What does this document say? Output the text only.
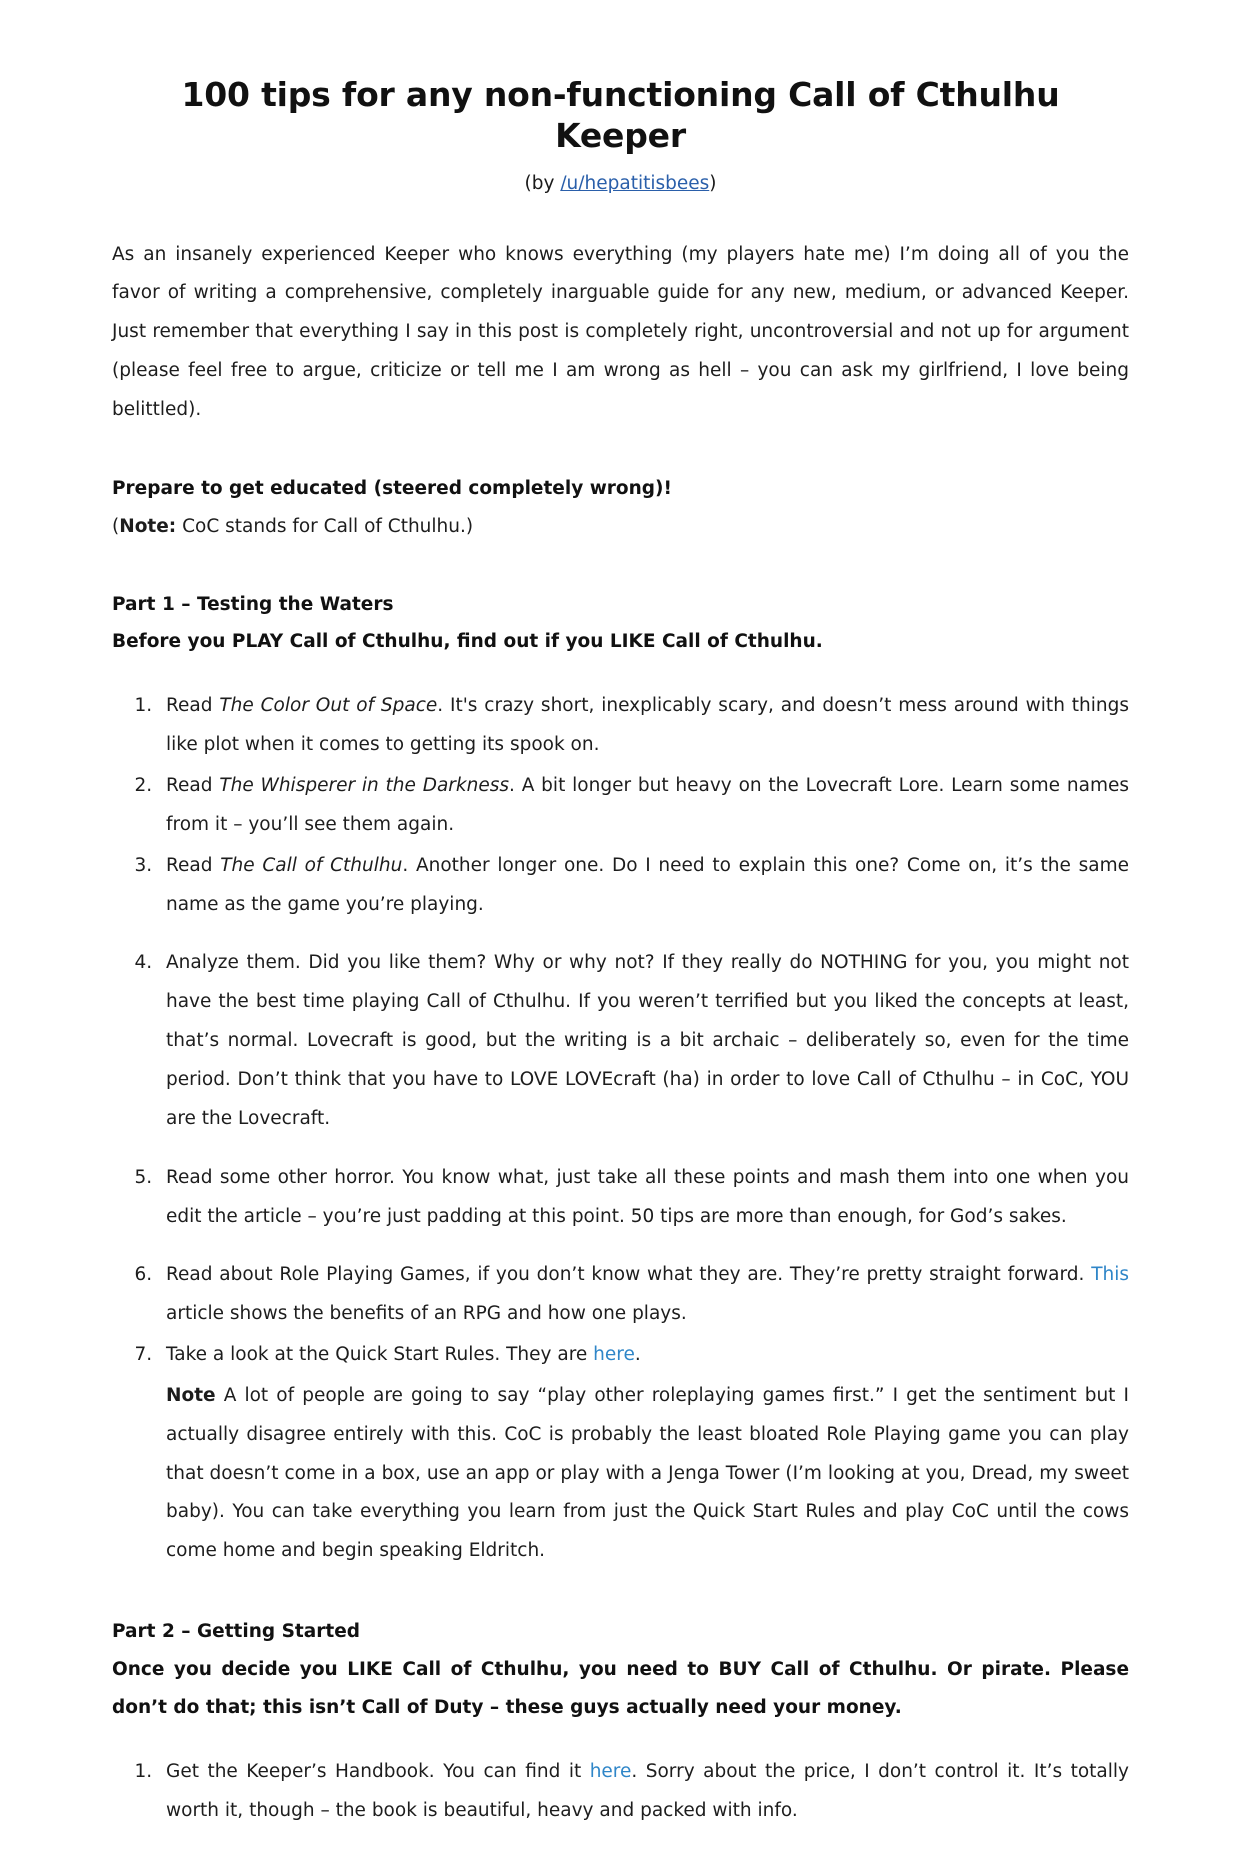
100 tips for any non-functioning Call of Cthulhu Keeper
(by /u/hepatitisbees)

As an insanely experienced Keeper who knows everything (my players hate me) I’m doing all of you the favor of writing a comprehensive, completely inarguable guide for any new, medium, or advanced Keeper. Just remember that everything I say in this post is completely right, uncontroversial and not up for argument (please feel free to argue, criticize or tell me I am wrong as hell – you can ask my girlfriend, I love being belittled).

Prepare to get educated (steered completely wrong)!

(Note: CoC stands for Call of Cthulhu.)

Part 1 – Testing the Waters

Before you PLAY Call of Cthulhu, find out if you LIKE Call of Cthulhu.

1. Read The Color Out of Space. It's crazy short, inexplicably scary, and doesn’t mess around with things like plot when it comes to getting its spook on.
2. Read The Whisperer in the Darkness. A bit longer but heavy on the Lovecraft Lore. Learn some names from it – you’ll see them again.
3. Read The Call of Cthulhu. Another longer one. Do I need to explain this one? Come on, it’s the same name as the game you’re playing.
4. Analyze them. Did you like them? Why or why not? If they really do NOTHING for you, you might not have the best time playing Call of Cthulhu. If you weren’t terrified but you liked the concepts at least, that’s normal. Lovecraft is good, but the writing is a bit archaic – deliberately so, even for the time period. Don’t think that you have to LOVE LOVEcraft (ha) in order to love Call of Cthulhu – in CoC, YOU are the Lovecraft.
5. Read some other horror. You know what, just take all these points and mash them into one when you edit the article – you’re just padding at this point. 50 tips are more than enough, for God’s sakes.
6. Read about Role Playing Games, if you don’t know what they are. They’re pretty straight forward. This article shows the benefits of an RPG and how one plays.
7. Take a look at the Quick Start Rules. They are here.
Note A lot of people are going to say “play other roleplaying games first.” I get the sentiment but I actually disagree entirely with this. CoC is probably the least bloated Role Playing game you can play that doesn’t come in a box, use an app or play with a Jenga Tower (I’m looking at you, Dread, my sweet baby). You can take everything you learn from just the Quick Start Rules and play CoC until the cows come home and begin speaking Eldritch.

Part 2 – Getting Started

Once you decide you LIKE Call of Cthulhu, you need to BUY Call of Cthulhu. Or pirate. Please don’t do that; this isn’t Call of Duty – these guys actually need your money.

1. Get the Keeper’s Handbook. You can find it here. Sorry about the price, I don’t control it. It’s totally worth it, though – the book is beautiful, heavy and packed with info.
